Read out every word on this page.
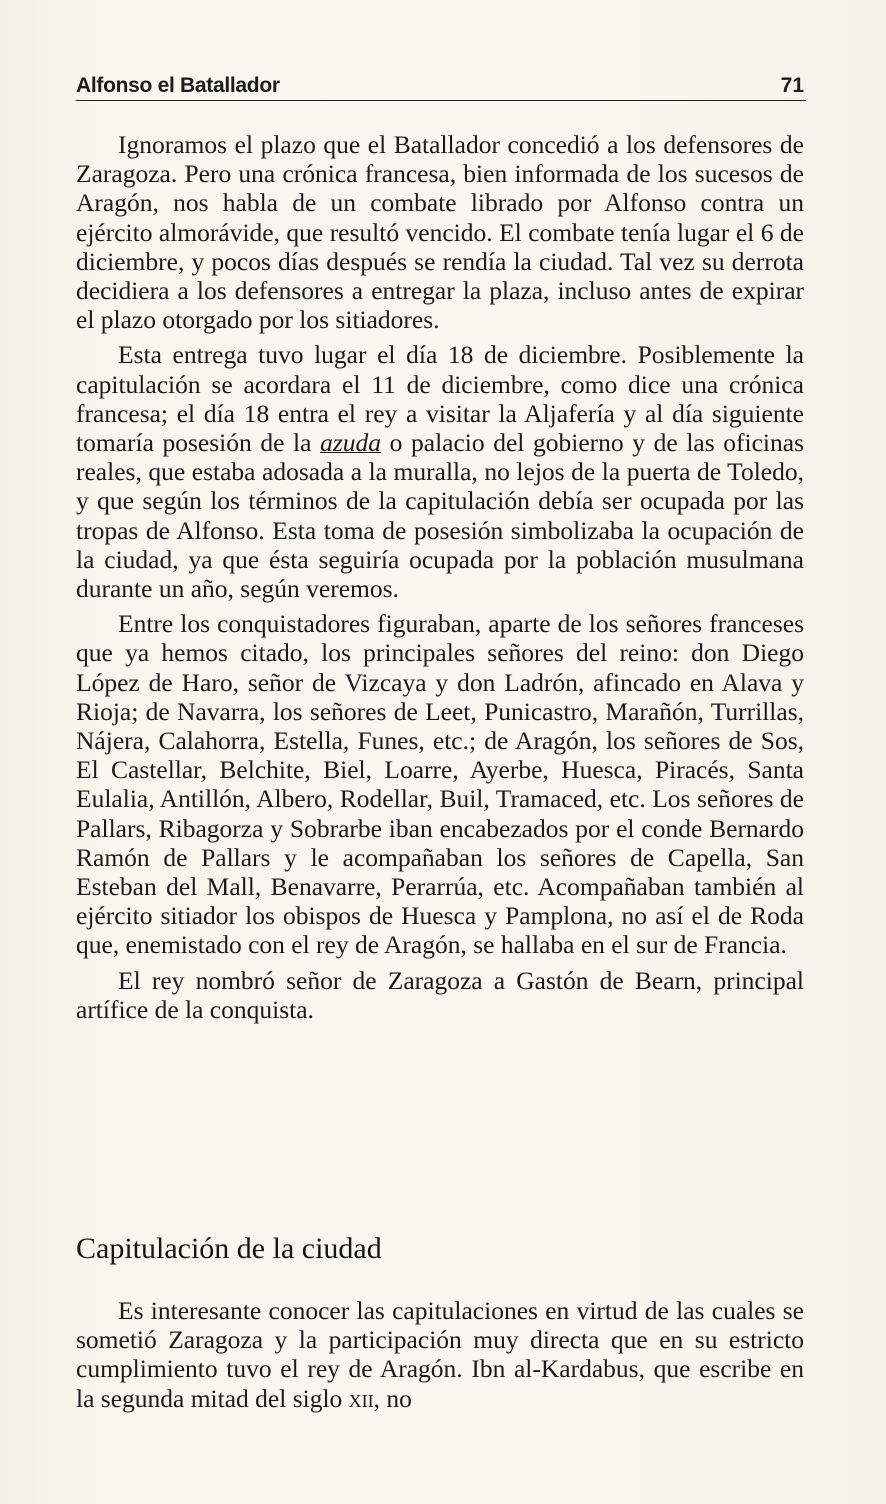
Alfonso el Batallador	71

Ignoramos el plazo que el Batallador concedió a los defensores de Zaragoza. Pero una crónica francesa, bien informada de los sucesos de Aragón, nos habla de un combate librado por Alfonso contra un ejército almorávide, que resultó vencido. El combate tenía lugar el 6 de diciembre, y pocos días después se rendía la ciudad. Tal vez su derrota decidiera a los defensores a entregar la plaza, incluso antes de expirar el plazo otorgado por los sitiadores.

Esta entrega tuvo lugar el día 18 de diciembre. Posiblemente la capitulación se acordara el 11 de diciembre, como dice una crónica francesa; el día 18 entra el rey a visitar la Aljafería y al día siguiente tomaría posesión de la azuda o palacio del gobierno y de las oficinas reales, que estaba adosada a la muralla, no lejos de la puerta de Toledo, y que según los términos de la capitulación debía ser ocupada por las tropas de Alfonso. Esta toma de posesión simbolizaba la ocupación de la ciudad, ya que ésta seguiría ocupada por la población musulmana durante un año, según veremos.

Entre los conquistadores figuraban, aparte de los señores franceses que ya hemos citado, los principales señores del reino: don Diego López de Haro, señor de Vizcaya y don Ladrón, afincado en Alava y Rioja; de Navarra, los señores de Leet, Punicastro, Marañón, Turrillas, Nájera, Calahorra, Estella, Funes, etc.; de Aragón, los señores de Sos, El Castellar, Belchite, Biel, Loarre, Ayerbe, Huesca, Piracés, Santa Eulalia, Antillón, Albero, Rodellar, Buil, Tramaced, etc. Los señores de Pallars, Ribagorza y Sobrarbe iban encabezados por el conde Bernardo Ramón de Pallars y le acompañaban los señores de Capella, San Esteban del Mall, Benavarre, Perarrúa, etc. Acompañaban también al ejército sitiador los obispos de Huesca y Pamplona, no así el de Roda que, enemistado con el rey de Aragón, se hallaba en el sur de Francia.

El rey nombró señor de Zaragoza a Gastón de Bearn, principal artífice de la conquista.

Capitulación de la ciudad

Es interesante conocer las capitulaciones en virtud de las cuales se sometió Zaragoza y la participación muy directa que en su estricto cumplimiento tuvo el rey de Aragón. Ibn al-Kardabus, que escribe en la segunda mitad del siglo xii, no
